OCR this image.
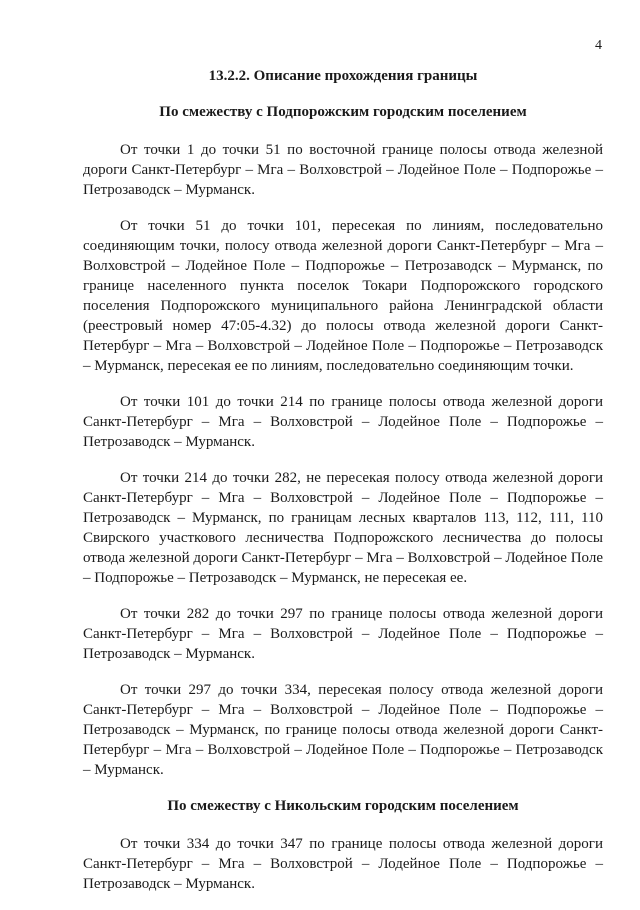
4
13.2.2. Описание прохождения границы
По смежеству с Подпорожским городским поселением

От точки 1 до точки 51 по восточной границе полосы отвода железной дороги Санкт-Петербург – Мга – Волховстрой – Лодейное Поле – Подпорожье – Петрозаводск – Мурманск.

От точки 51 до точки 101, пересекая по линиям, последовательно соединяющим точки, полосу отвода железной дороги Санкт-Петербург – Мга – Волховстрой – Лодейное Поле – Подпорожье – Петрозаводск – Мурманск, по границе населенного пункта поселок Токари Подпорожского городского поселения Подпорожского муниципального района Ленинградской области (реестровый номер 47:05-4.32) до полосы отвода железной дороги Санкт-Петербург – Мга – Волховстрой – Лодейное Поле – Подпорожье – Петрозаводск – Мурманск, пересекая ее по линиям, последовательно соединяющим точки.

От точки 101 до точки 214 по границе полосы отвода железной дороги Санкт-Петербург – Мга – Волховстрой – Лодейное Поле – Подпорожье – Петрозаводск – Мурманск.

От точки 214 до точки 282, не пересекая полосу отвода железной дороги Санкт-Петербург – Мга – Волховстрой – Лодейное Поле – Подпорожье – Петрозаводск – Мурманск, по границам лесных кварталов 113, 112, 111, 110 Свирского участкового лесничества Подпорожского лесничества до полосы отвода железной дороги Санкт-Петербург – Мга – Волховстрой – Лодейное Поле – Подпорожье – Петрозаводск – Мурманск, не пересекая ее.

От точки 282 до точки 297 по границе полосы отвода железной дороги Санкт-Петербург – Мга – Волховстрой – Лодейное Поле – Подпорожье – Петрозаводск – Мурманск.

От точки 297 до точки 334, пересекая полосу отвода железной дороги Санкт-Петербург – Мга – Волховстрой – Лодейное Поле – Подпорожье – Петрозаводск – Мурманск, по границе полосы отвода железной дороги Санкт-Петербург – Мга – Волховстрой – Лодейное Поле – Подпорожье – Петрозаводск – Мурманск.

По смежеству с Никольским городским поселением

От точки 334 до точки 347 по границе полосы отвода железной дороги Санкт-Петербург – Мга – Волховстрой – Лодейное Поле – Подпорожье – Петрозаводск – Мурманск.
